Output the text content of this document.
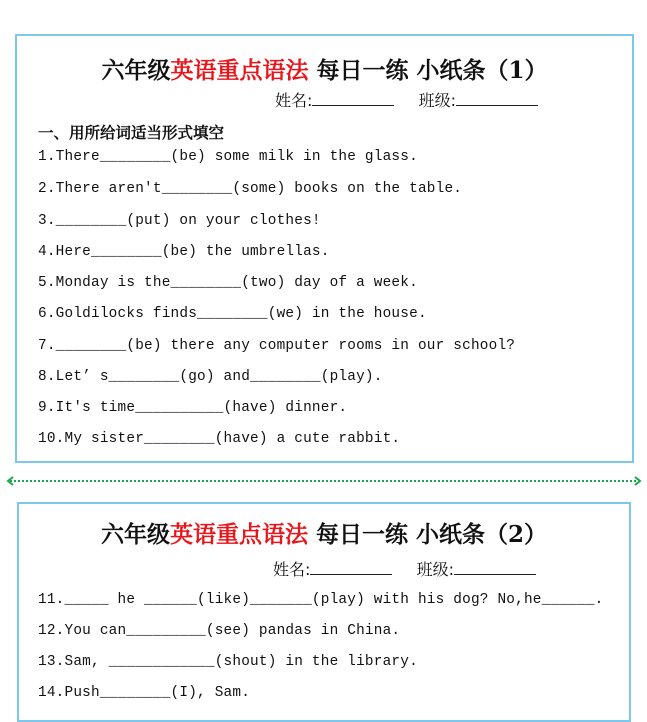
六年级英语重点语法 每日一练 小纸条（1）
姓名:	班级:
一、用所给词适当形式填空
1.There________(be) some milk in the glass.
2.There aren't________(some) books on the table.
3.________(put) on your clothes!
4.Here________(be) the umbrellas.
5.Monday is the________(two) day of a week.
6.Goldilocks finds________(we) in the house.
7.________(be) there any computer rooms in our school?
8.Let’ s________(go) and________(play).
9.It's time__________(have) dinner.
10.My sister________(have) a cute rabbit.
六年级英语重点语法 每日一练 小纸条（2）
姓名:	班级:
11._____ he ______(like)_______(play) with his dog? No,he______.
12.You can_________(see) pandas in China.
13.Sam, ____________(shout) in the library.
14.Push________(I), Sam.
